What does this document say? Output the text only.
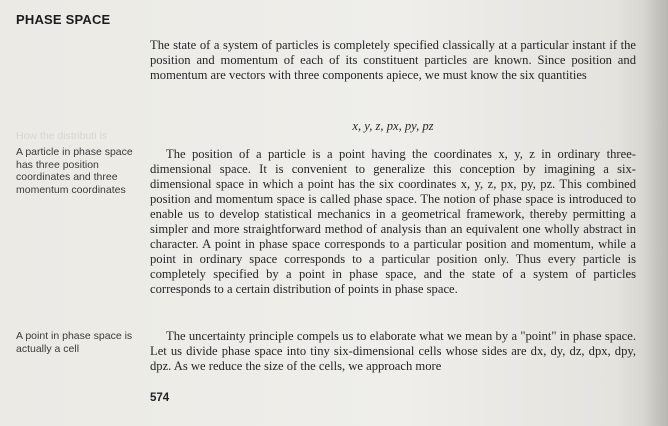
How the distributi is
PHASE SPACE
The state of a system of particles is completely specified classically at a particular instant if the position and momentum of each of its constituent particles are known. Since position and momentum are vectors with three components apiece, we must know the six quantities
x, y, z, px, py, pz
A particle in phase space has three position coordinates and three momentum coordinates
The position of a particle is a point having the coordinates x, y, z in ordinary three-dimensional space. It is convenient to generalize this conception by imagining a six-dimensional space in which a point has the six coordinates x, y, z, px, py, pz. This combined position and momentum space is called phase space. The notion of phase space is introduced to enable us to develop statistical mechanics in a geometrical framework, thereby permitting a simpler and more straightforward method of analysis than an equivalent one wholly abstract in character. A point in phase space corresponds to a particular position and momentum, while a point in ordinary space corresponds to a particular position only. Thus every particle is completely specified by a point in phase space, and the state of a system of particles corresponds to a certain distribution of points in phase space.
A point in phase space is actually a cell
The uncertainty principle compels us to elaborate what we mean by a "point" in phase space. Let us divide phase space into tiny six-dimensional cells whose sides are dx, dy, dz, dpx, dpy, dpz. As we reduce the size of the cells, we approach more
574
